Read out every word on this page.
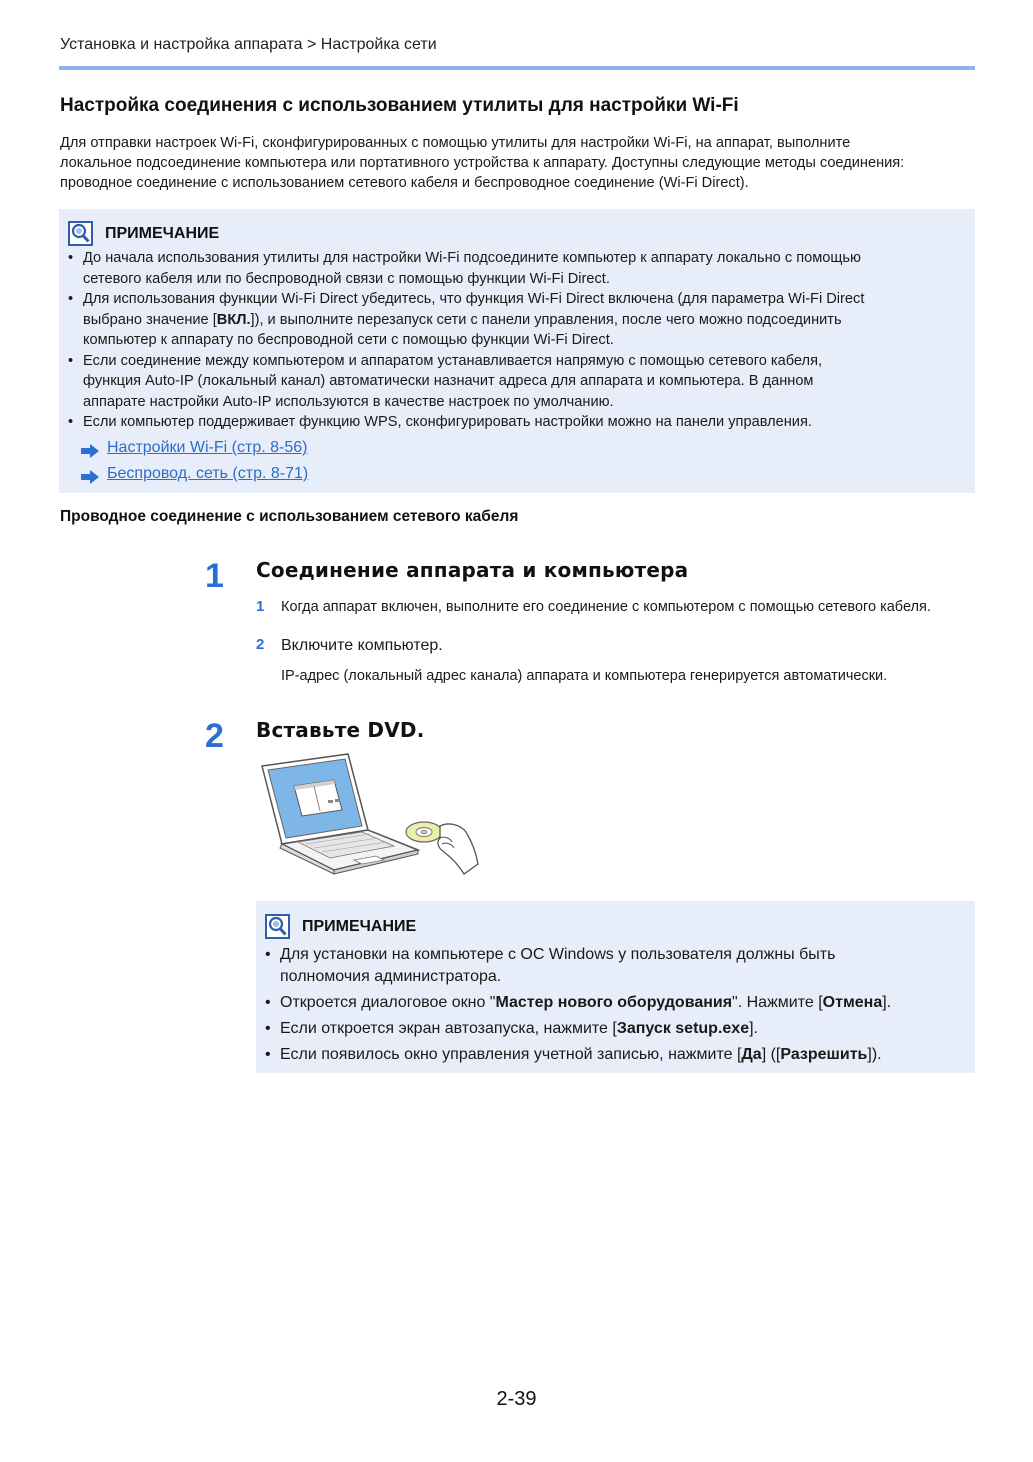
Установка и настройка аппарата > Настройка сети
Настройка соединения с использованием утилиты для настройки Wi-Fi
Для отправки настроек Wi-Fi, сконфигурированных с помощью утилиты для настройки Wi-Fi, на аппарат, выполните
локальное подсоединение компьютера или портативного устройства к аппарату. Доступны следующие методы соединения:
проводное соединение с использованием сетевого кабеля и беспроводное соединение (Wi-Fi Direct).
ПРИМЕЧАНИЕ
• До начала использования утилиты для настройки Wi-Fi подсоедините компьютер к аппарату локально с помощью
сетевого кабеля или по беспроводной связи с помощью функции Wi-Fi Direct.
• Для использования функции Wi-Fi Direct убедитесь, что функция Wi-Fi Direct включена (для параметра Wi-Fi Direct
выбрано значение [ВКЛ.]), и выполните перезапуск сети с панели управления, после чего можно подсоединить
компьютер к аппарату по беспроводной сети с помощью функции Wi-Fi Direct.
• Если соединение между компьютером и аппаратом устанавливается напрямую с помощью сетевого кабеля,
функция Auto-IP (локальный канал) автоматически назначит адреса для аппарата и компьютера. В данном
аппарате настройки Auto-IP используются в качестве настроек по умолчанию.
• Если компьютер поддерживает функцию WPS, сконфигурировать настройки можно на панели управления.
Настройки Wi-Fi (стр. 8-56)
Беспровод. сеть (стр. 8-71)
Проводное соединение с использованием сетевого кабеля
1 Соединение аппарата и компьютера
1 Когда аппарат включен, выполните его соединение с компьютером с помощью сетевого кабеля.
2 Включите компьютер.
IP-адрес (локальный адрес канала) аппарата и компьютера генерируется автоматически.
2 Вставьте DVD.
ПРИМЕЧАНИЕ
• Для установки на компьютере с ОС Windows у пользователя должны быть
полномочия администратора.
• Откроется диалоговое окно "Мастер нового оборудования". Нажмите [Отмена].
• Если откроется экран автозапуска, нажмите [Запуск setup.exe].
• Если появилось окно управления учетной записью, нажмите [Да] ([Разрешить]).
2-39
